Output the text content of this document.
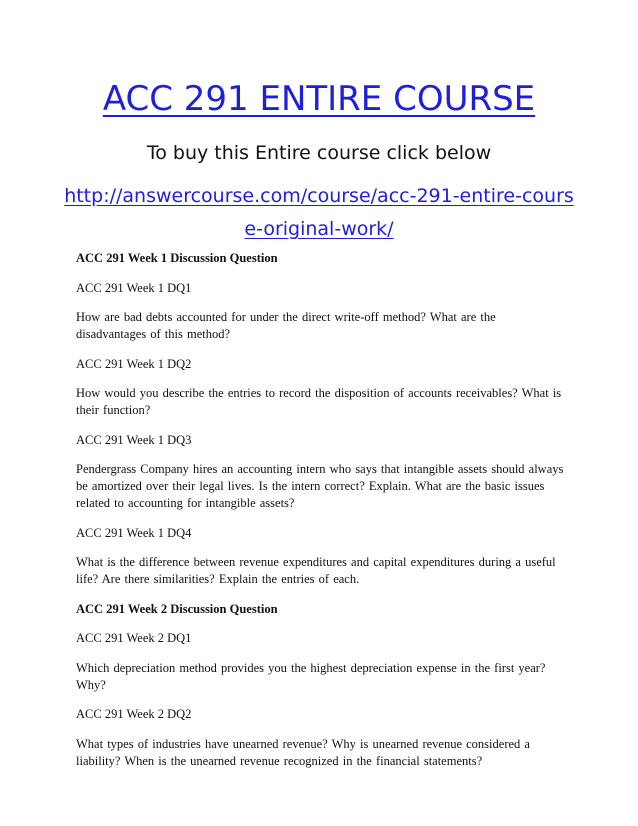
ACC 291 ENTIRE COURSE
To buy this Entire course click below
http://answercourse.com/course/acc-291-entire-course-original-work/

ACC 291 Week 1 Discussion Question

ACC 291 Week 1 DQ1

How are bad debts accounted for under the direct write-off method? What are the disadvantages of this method?

ACC 291 Week 1 DQ2

How would you describe the entries to record the disposition of accounts receivables? What is their function?

ACC 291 Week 1 DQ3

Pendergrass Company hires an accounting intern who says that intangible assets should always be amortized over their legal lives. Is the intern correct? Explain. What are the basic issues related to accounting for intangible assets?

ACC 291 Week 1 DQ4

What is the difference between revenue expenditures and capital expenditures during a useful life? Are there similarities? Explain the entries of each.

ACC 291 Week 2 Discussion Question

ACC 291 Week 2 DQ1

Which depreciation method provides you the highest depreciation expense in the first year? Why?

ACC 291 Week 2 DQ2

What types of industries have unearned revenue? Why is unearned revenue considered a liability? When is the unearned revenue recognized in the financial statements?
